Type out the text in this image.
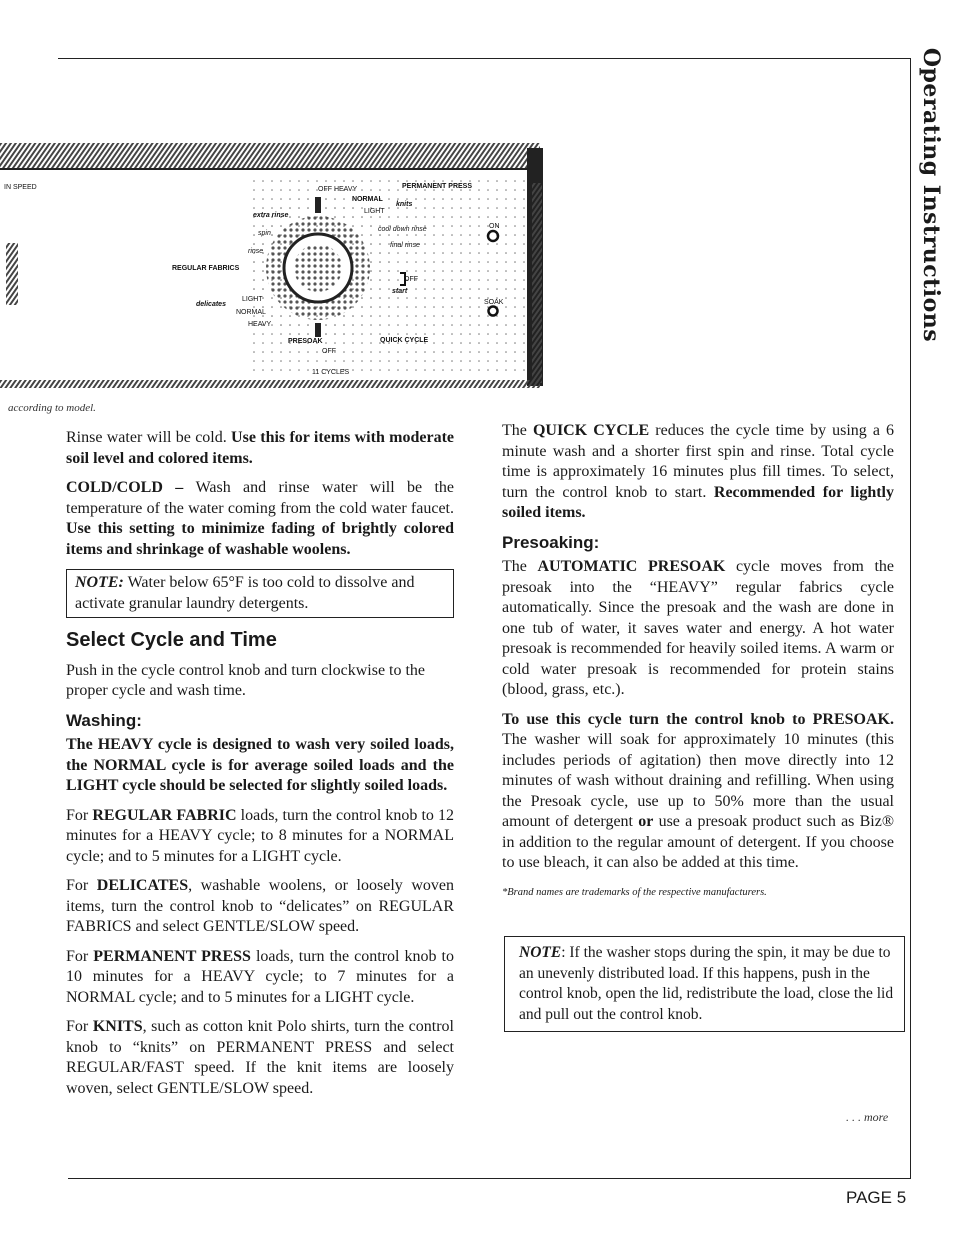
Operating Instructions
IN SPEED
REGULAR FABRICS
delicates
LIGHT
NORMAL
HEAVY
extra rinse
spin
rinse
OFF HEAVY
NORMAL
LIGHT
knits
PERMANENT PRESS
cool down rinse
final rinse
ON
OFF
start
SOAK
PRESOAK	QUICK CYCLE
OFF
11 CYCLES
according to model.

Rinse water will be cold. Use this for items with moderate soil level and colored items.

COLD/COLD – Wash and rinse water will be the temperature of the water coming from the cold water faucet. Use this setting to minimize fading of brightly colored items and shrinkage of washable woolens.

NOTE: Water below 65°F is too cold to dissolve and activate granular laundry detergents.
Select Cycle and Time

Push in the cycle control knob and turn clockwise to the proper cycle and wash time.

Washing:

The HEAVY cycle is designed to wash very soiled loads, the NORMAL cycle is for average soiled loads and the LIGHT cycle should be selected for slightly soiled loads.

For REGULAR FABRIC loads, turn the control knob to 12 minutes for a HEAVY cycle; to 8 minutes for a NORMAL cycle; and to 5 minutes for a LIGHT cycle.

For DELICATES, washable woolens, or loosely woven items, turn the control knob to “delicates” on REGULAR FABRICS and select GENTLE/SLOW speed.

For PERMANENT PRESS loads, turn the control knob to 10 minutes for a HEAVY cycle; to 7 minutes for a NORMAL cycle; and to 5 minutes for a LIGHT cycle.

For KNITS, such as cotton knit Polo shirts, turn the control knob to “knits” on PERMANENT PRESS and select REGULAR/FAST speed. If the knit items are loosely woven, select GENTLE/SLOW speed.

The QUICK CYCLE reduces the cycle time by using a 6 minute wash and a shorter first spin and rinse. Total cycle time is approximately 16 minutes plus fill times. To select, turn the control knob to start. Recommended for lightly soiled items.

Presoaking:

The AUTOMATIC PRESOAK cycle moves from the presoak into the “HEAVY” regular fabrics cycle automatically. Since the presoak and the wash are done in one tub of water, it saves water and energy. A hot water presoak is recommended for heavily soiled items. A warm or cold water presoak is recommended for protein stains (blood, grass, etc.).

To use this cycle turn the control knob to PRESOAK. The washer will soak for approximately 10 minutes (this includes periods of agitation) then move directly into 12 minutes of wash without draining and refilling. When using the Presoak cycle, use up to 50% more than the usual amount of detergent or use a presoak product such as Biz® in addition to the regular amount of detergent. If you choose to use bleach, it can also be added at this time.

*Brand names are trademarks of the respective manufacturers.
NOTE: If the washer stops during the spin, it may be due to an unevenly distributed load. If this happens, push in the control knob, open the lid, redistribute the load, close the lid and pull out the control knob.
. . . more
PAGE 5
